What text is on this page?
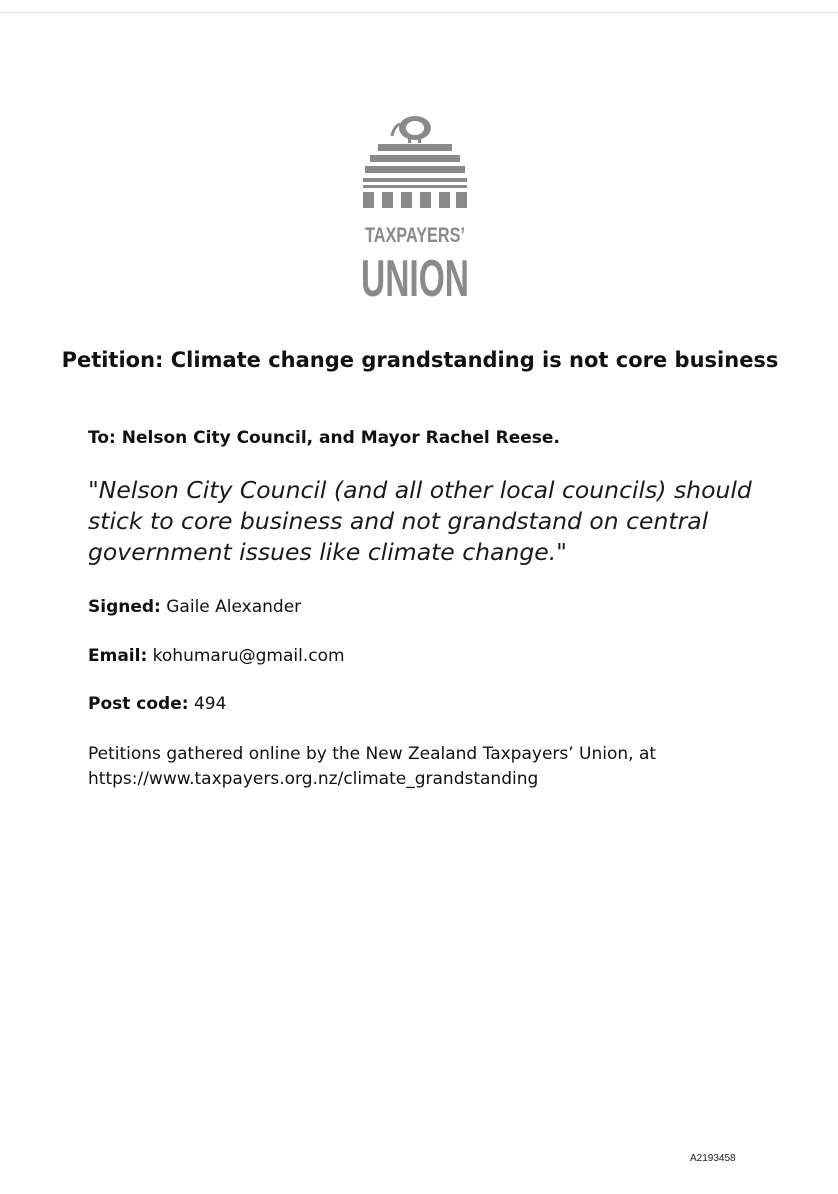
TAXPAYERS’
UNION
Petition: Climate change grandstanding is not core business
To: Nelson City Council, and Mayor Rachel Reese.
"Nelson City Council (and all other local councils) should stick to core business and not grandstand on central government issues like climate change."
Signed: Gaile Alexander
Email: kohumaru@gmail.com
Post code: 494
Petitions gathered online by the New Zealand Taxpayers’ Union, at
https://www.taxpayers.org.nz/climate_grandstanding
A2193458
